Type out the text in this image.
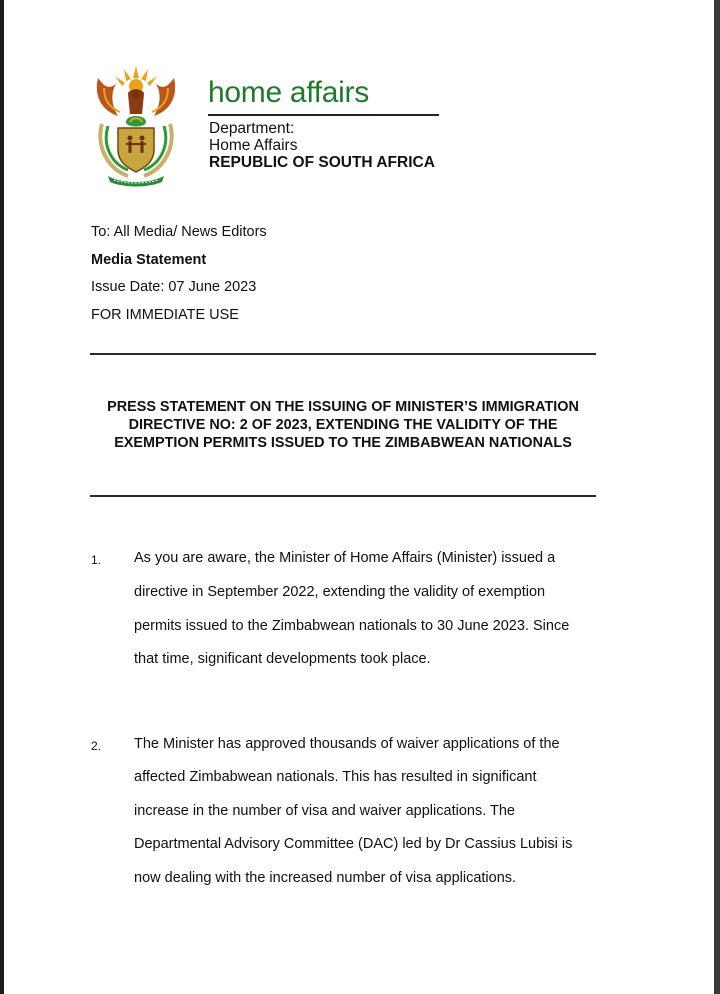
home affairs
Department:
Home Affairs
REPUBLIC OF SOUTH AFRICA
To: All Media/ News Editors
Media Statement
Issue Date: 07 June 2023
FOR IMMEDIATE USE
PRESS STATEMENT ON THE ISSUING OF MINISTER’S IMMIGRATION
DIRECTIVE NO: 2 OF 2023, EXTENDING THE VALIDITY OF THE
EXEMPTION PERMITS ISSUED TO THE ZIMBABWEAN NATIONALS
1. As you are aware, the Minister of Home Affairs (Minister) issued a
directive in September 2022, extending the validity of exemption
permits issued to the Zimbabwean nationals to 30 June 2023. Since
that time, significant developments took place.
2. The Minister has approved thousands of waiver applications of the
affected Zimbabwean nationals. This has resulted in significant
increase in the number of visa and waiver applications. The
Departmental Advisory Committee (DAC) led by Dr Cassius Lubisi is
now dealing with the increased number of visa applications.
